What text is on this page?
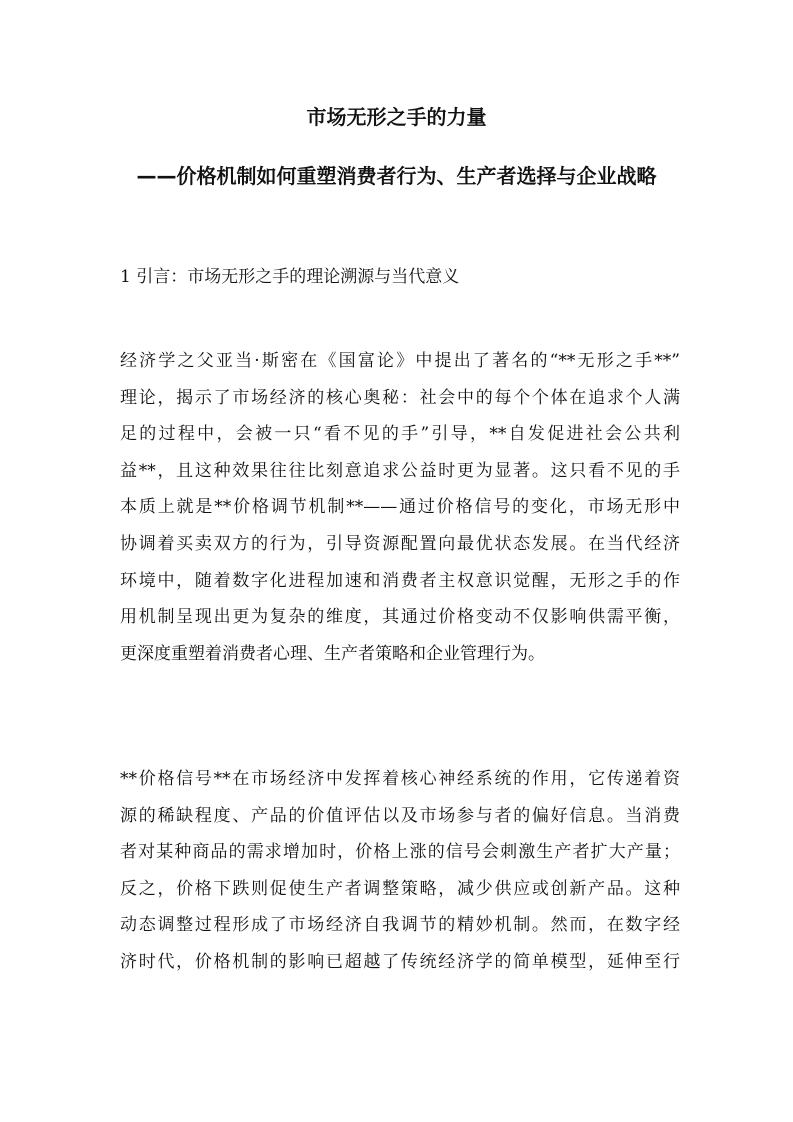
市场无形之手的力量
——价格机制如何重塑消费者行为、生产者选择与企业战略
1 引言：市场无形之手的理论溯源与当代意义
经济学之父亚当·斯密在《国富论》中提出了著名的“**无形之手**”
理论，揭示了市场经济的核心奥秘：社会中的每个个体在追求个人满
足的过程中，会被一只“看不见的手”引导，**自发促进社会公共利
益**，且这种效果往往比刻意追求公益时更为显著。这只看不见的手
本质上就是**价格调节机制**——通过价格信号的变化，市场无形中
协调着买卖双方的行为，引导资源配置向最优状态发展。在当代经济
环境中，随着数字化进程加速和消费者主权意识觉醒，无形之手的作
用机制呈现出更为复杂的维度，其通过价格变动不仅影响供需平衡，
更深度重塑着消费者心理、生产者策略和企业管理行为。
**价格信号**在市场经济中发挥着核心神经系统的作用，它传递着资
源的稀缺程度、产品的价值评估以及市场参与者的偏好信息。当消费
者对某种商品的需求增加时，价格上涨的信号会刺激生产者扩大产量；
反之，价格下跌则促使生产者调整策略，减少供应或创新产品。这种
动态调整过程形成了市场经济自我调节的精妙机制。然而，在数字经
济时代，价格机制的影响已超越了传统经济学的简单模型，延伸至行
